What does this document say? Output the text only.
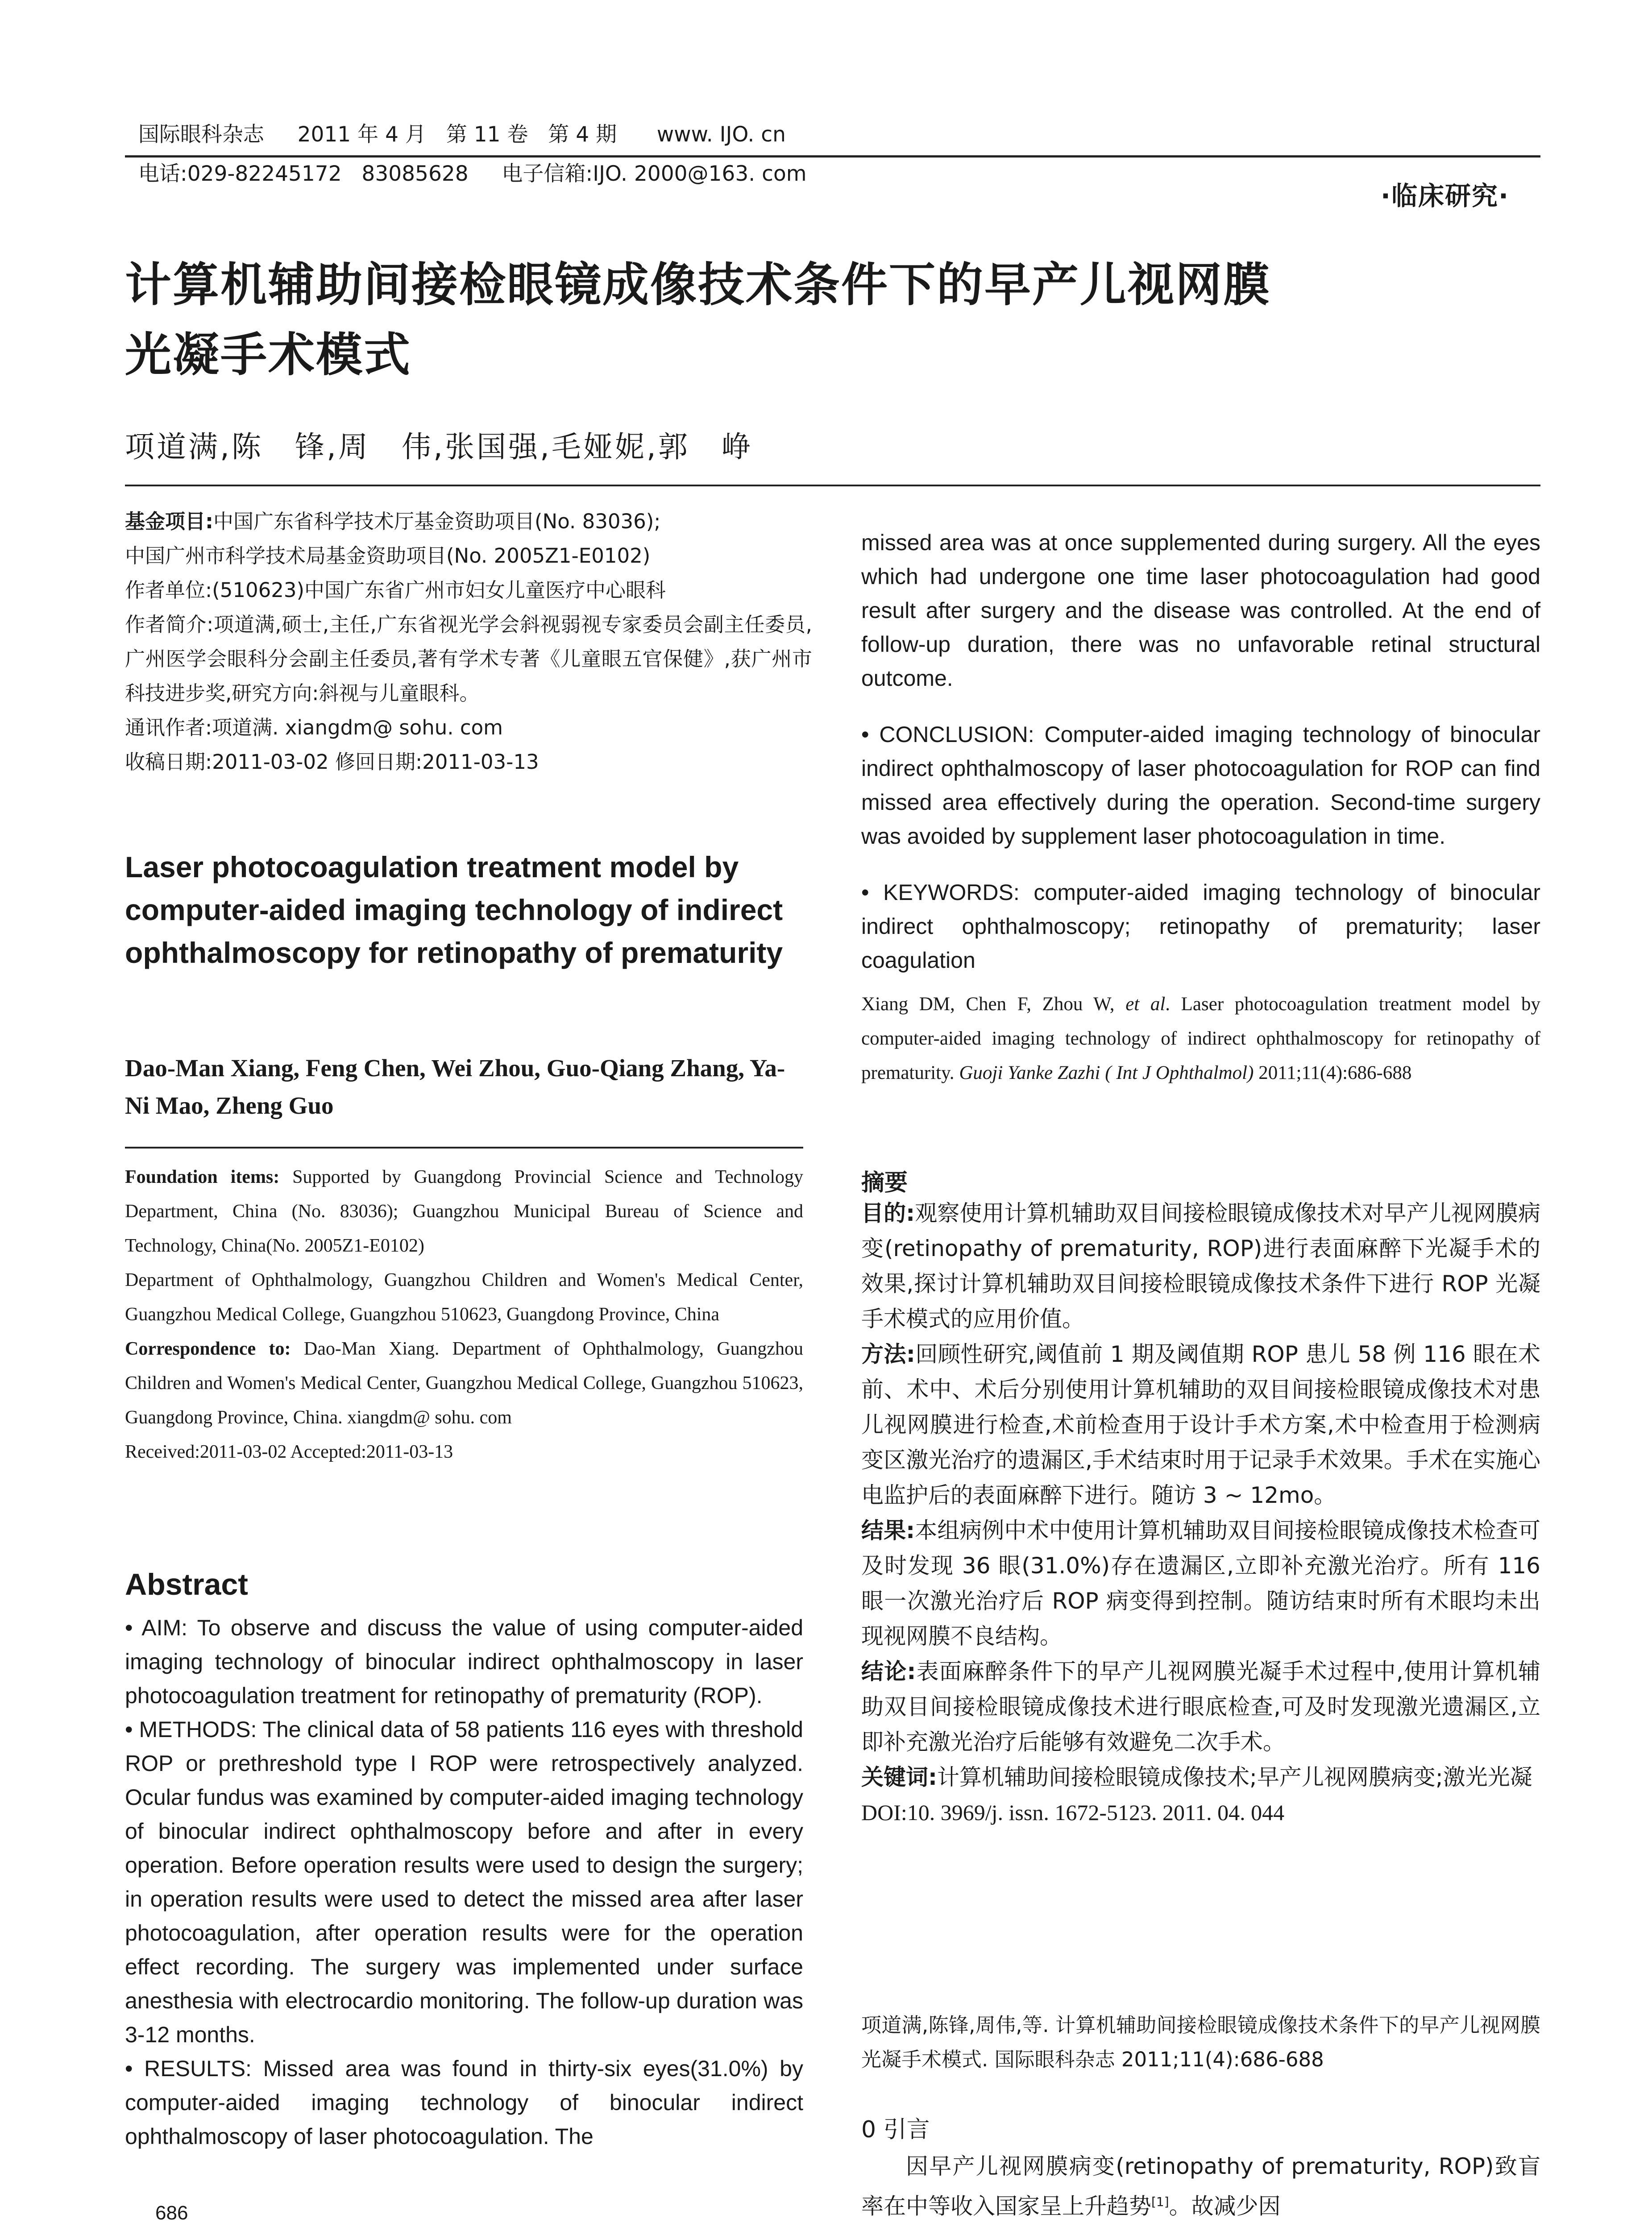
国际眼科杂志 2011 年 4 月 第 11 卷 第 4 期 www. IJO. cn

电话:029-82245172   83085628 电子信箱:IJO. 2000@163. com

·临床研究·
计算机辅助间接检眼镜成像技术条件下的早产儿视网膜
光凝手术模式
项道满,陈　锋,周　伟,张国强,毛娅妮,郭　峥

基金项目:中国广东省科学技术厅基金资助项目(No. 83036);

中国广州市科学技术局基金资助项目(No. 2005Z1-E0102)

作者单位:(510623)中国广东省广州市妇女儿童医疗中心眼科

作者简介:项道满,硕士,主任,广东省视光学会斜视弱视专家委员会副主任委员,广州医学会眼科分会副主任委员,著有学术专著《儿童眼五官保健》,获广州市科技进步奖,研究方向:斜视与儿童眼科。

通讯作者:项道满. xiangdm@ sohu. com

收稿日期:2011-03-02 修回日期:2011-03-13

Laser photocoagulation treatment model by computer-aided imaging technology of indirect ophthalmoscopy for retinopathy of prematurity
Dao-Man Xiang, Feng Chen, Wei Zhou, Guo-Qiang Zhang, Ya-Ni Mao, Zheng Guo

Foundation items: Supported by Guangdong Provincial Science and Technology Department, China (No. 83036); Guangzhou Municipal Bureau of Science and Technology, China(No. 2005Z1-E0102)

Department of Ophthalmology, Guangzhou Children and Women's Medical Center, Guangzhou Medical College, Guangzhou 510623, Guangdong Province, China

Correspondence to: Dao-Man Xiang. Department of Ophthalmology, Guangzhou Children and Women's Medical Center, Guangzhou Medical College, Guangzhou 510623, Guangdong Province, China. xiangdm@ sohu. com

Received:2011-03-02 Accepted:2011-03-13

Abstract

• AIM: To observe and discuss the value of using computer-aided imaging technology of binocular indirect ophthalmoscopy in laser photocoagulation treatment for retinopathy of prematurity (ROP).

• METHODS: The clinical data of 58 patients 116 eyes with threshold ROP or prethreshold type I ROP were retrospectively analyzed. Ocular fundus was examined by computer-aided imaging technology of binocular indirect ophthalmoscopy before and after in every operation. Before operation results were used to design the surgery; in operation results were used to detect the missed area after laser photocoagulation, after operation results were for the operation effect recording. The surgery was implemented under surface anesthesia with electrocardio monitoring. The follow-up duration was 3-12 months.

• RESULTS: Missed area was found in thirty-six eyes(31.0%) by computer-aided imaging technology of binocular indirect ophthalmoscopy of laser photocoagulation. The

686

missed area was at once supplemented during surgery. All the eyes which had undergone one time laser photocoagulation had good result after surgery and the disease was controlled. At the end of follow-up duration, there was no unfavorable retinal structural outcome.

• CONCLUSION: Computer-aided imaging technology of binocular indirect ophthalmoscopy of laser photocoagulation for ROP can find missed area effectively during the operation. Second-time surgery was avoided by supplement laser photocoagulation in time.

• KEYWORDS: computer-aided imaging technology of binocular indirect ophthalmoscopy; retinopathy of prematurity; laser coagulation

Xiang DM, Chen F, Zhou W, et al. Laser photocoagulation treatment model by computer-aided imaging technology of indirect ophthalmoscopy for retinopathy of prematurity. Guoji Yanke Zazhi ( Int J Ophthalmol) 2011;11(4):686-688
摘要

目的:观察使用计算机辅助双目间接检眼镜成像技术对早产儿视网膜病变(retinopathy of prematurity, ROP)进行表面麻醉下光凝手术的效果,探讨计算机辅助双目间接检眼镜成像技术条件下进行 ROP 光凝手术模式的应用价值。

方法:回顾性研究,阈值前 1 期及阈值期 ROP 患儿 58 例 116 眼在术前、术中、术后分别使用计算机辅助的双目间接检眼镜成像技术对患儿视网膜进行检查,术前检查用于设计手术方案,术中检查用于检测病变区激光治疗的遗漏区,手术结束时用于记录手术效果。手术在实施心电监护后的表面麻醉下进行。随访 3 ~ 12mo。

结果:本组病例中术中使用计算机辅助双目间接检眼镜成像技术检查可及时发现 36 眼(31.0%)存在遗漏区,立即补充激光治疗。所有 116 眼一次激光治疗后 ROP 病变得到控制。随访结束时所有术眼均未出现视网膜不良结构。

结论:表面麻醉条件下的早产儿视网膜光凝手术过程中,使用计算机辅助双目间接检眼镜成像技术进行眼底检查,可及时发现激光遗漏区,立即补充激光治疗后能够有效避免二次手术。

关键词:计算机辅助间接检眼镜成像技术;早产儿视网膜病变;激光光凝

DOI:10. 3969/j. issn. 1672-5123. 2011. 04. 044

项道满,陈锋,周伟,等. 计算机辅助间接检眼镜成像技术条件下的早产儿视网膜光凝手术模式. 国际眼科杂志 2011;11(4):686-688
0 引言
因早产儿视网膜病变(retinopathy of prematurity, ROP)致盲率在中等收入国家呈上升趋势[1]。故减少因
